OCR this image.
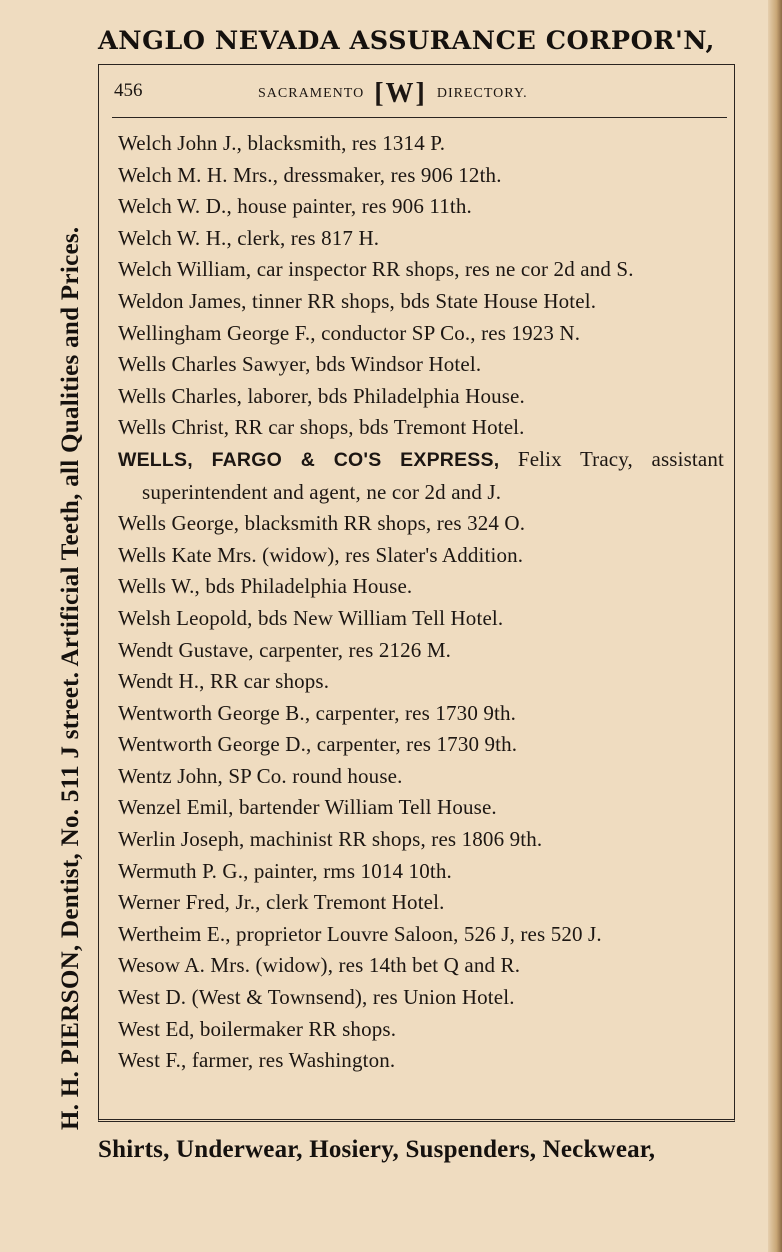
ANGLO NEVADA ASSURANCE CORPOR'N,
H. H. PIERSON, Dentist, No. 511 J street. Artificial Teeth, all Qualities and Prices.
456	SACRAMENTO [W] DIRECTORY.
Welch John J., blacksmith, res 1314 P.
Welch M. H. Mrs., dressmaker, res 906 12th.
Welch W. D., house painter, res 906 11th.
Welch W. H., clerk, res 817 H.
Welch William, car inspector RR shops, res ne cor 2d and S.
Weldon James, tinner RR shops, bds State House Hotel.
Wellingham George F., conductor SP Co., res 1923 N.
Wells Charles Sawyer, bds Windsor Hotel.
Wells Charles, laborer, bds Philadelphia House.
Wells Christ, RR car shops, bds Tremont Hotel.
WELLS, FARGO & CO'S EXPRESS, Felix Tracy, assistant superintendent and agent, ne cor 2d and J.
Wells George, blacksmith RR shops, res 324 O.
Wells Kate Mrs. (widow), res Slater's Addition.
Wells W., bds Philadelphia House.
Welsh Leopold, bds New William Tell Hotel.
Wendt Gustave, carpenter, res 2126 M.
Wendt H., RR car shops.
Wentworth George B., carpenter, res 1730 9th.
Wentworth George D., carpenter, res 1730 9th.
Wentz John, SP Co. round house.
Wenzel Emil, bartender William Tell House.
Werlin Joseph, machinist RR shops, res 1806 9th.
Wermuth P. G., painter, rms 1014 10th.
Werner Fred, Jr., clerk Tremont Hotel.
Wertheim E., proprietor Louvre Saloon, 526 J, res 520 J.
Wesow A. Mrs. (widow), res 14th bet Q and R.
West D. (West & Townsend), res Union Hotel.
West Ed, boilermaker RR shops.
West F., farmer, res Washington.
Shirts, Underwear, Hosiery, Suspenders, Neckwear,
